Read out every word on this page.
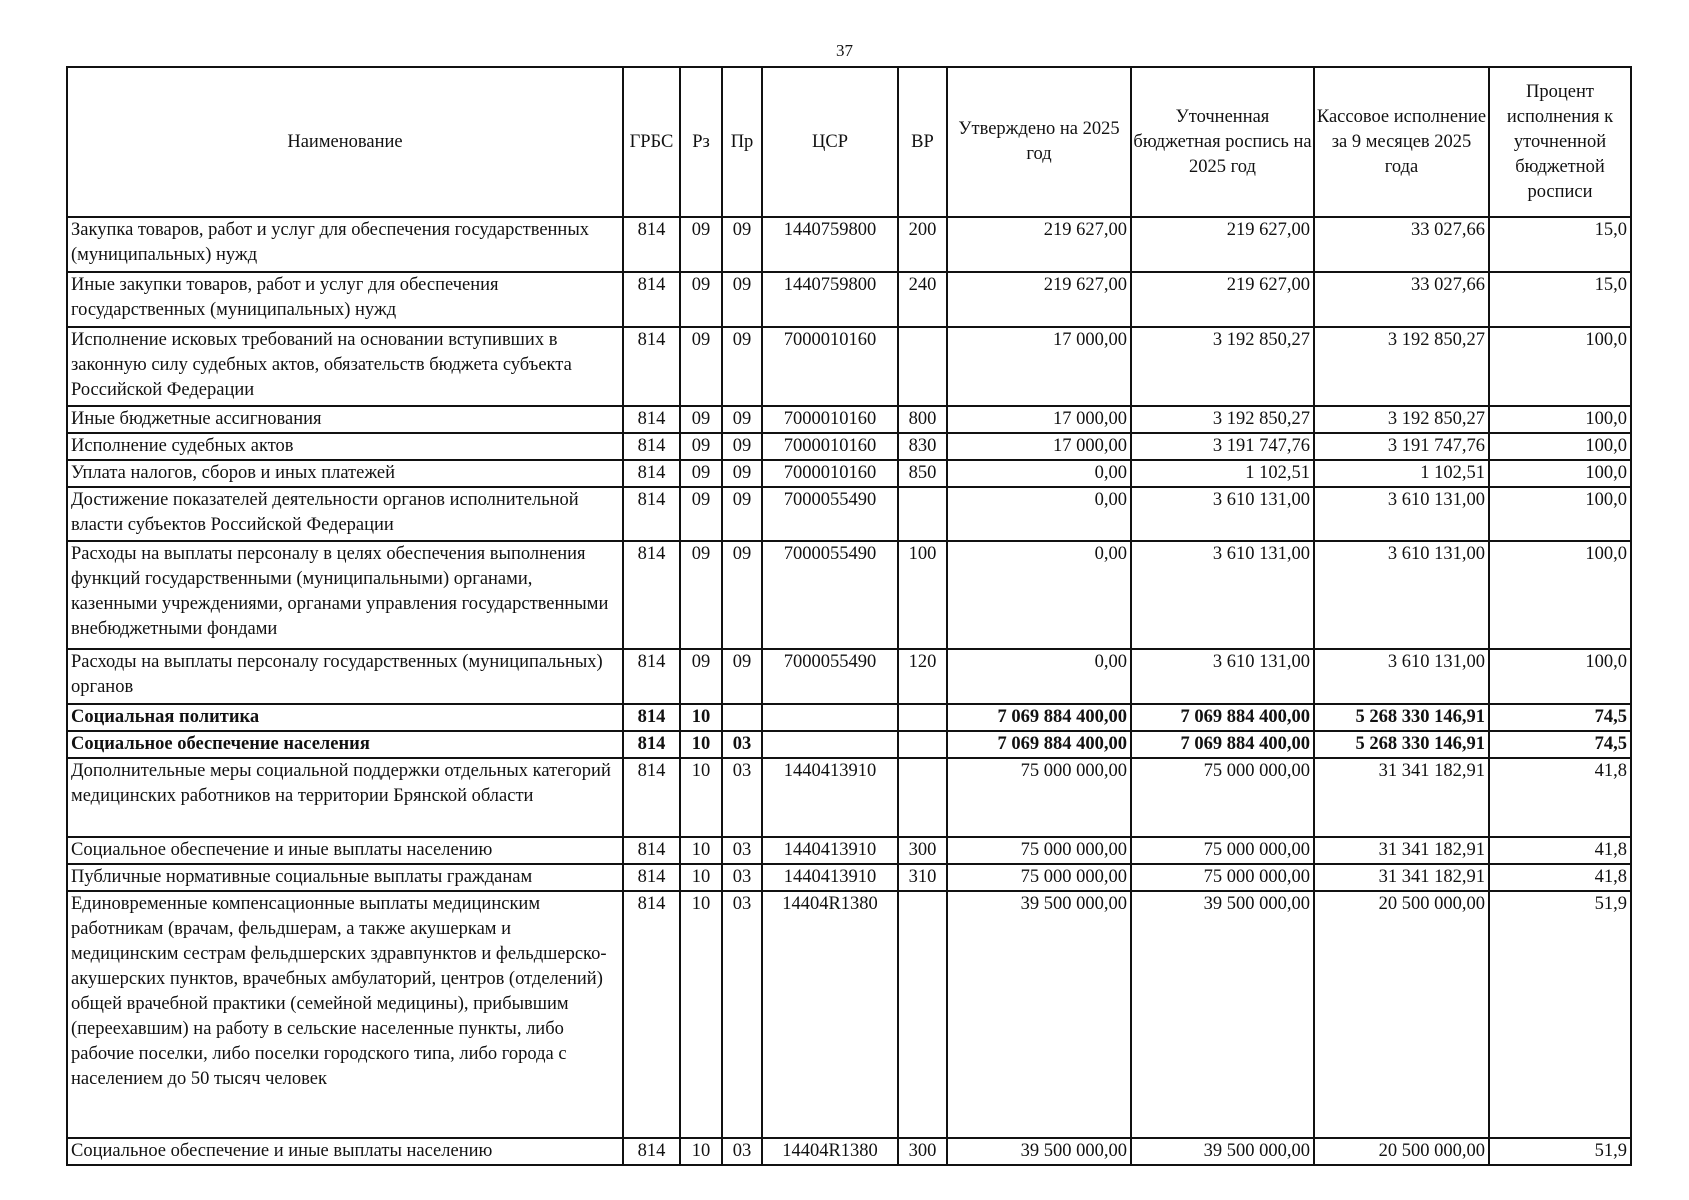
37
Наименование	ГРБС	Рз	Пр	ЦСР	ВР	Утверждено на 2025 год	Уточненная бюджетная роспись на 2025 год	Кассовое исполнение за 9 месяцев 2025 года	Процент исполнения к уточненной бюджетной росписи
Закупка товаров, работ и услуг для обеспечения государственных (муниципальных) нужд	814	09	09	1440759800	200	219 627,00	219 627,00	33 027,66	15,0
Иные закупки товаров, работ и услуг для обеспечения государственных (муниципальных) нужд	814	09	09	1440759800	240	219 627,00	219 627,00	33 027,66	15,0
Исполнение исковых требований на основании вступивших в законную силу судебных актов, обязательств бюджета субъекта Российской Федерации	814	09	09	7000010160		17 000,00	3 192 850,27	3 192 850,27	100,0
Иные бюджетные ассигнования	814	09	09	7000010160	800	17 000,00	3 192 850,27	3 192 850,27	100,0
Исполнение судебных актов	814	09	09	7000010160	830	17 000,00	3 191 747,76	3 191 747,76	100,0
Уплата налогов, сборов и иных платежей	814	09	09	7000010160	850	0,00	1 102,51	1 102,51	100,0
Достижение показателей деятельности органов исполнительной власти субъектов Российской Федерации	814	09	09	7000055490		0,00	3 610 131,00	3 610 131,00	100,0
Расходы на выплаты персоналу в целях обеспечения выполнения функций государственными (муниципальными) органами, казенными учреждениями, органами управления государственными внебюджетными фондами	814	09	09	7000055490	100	0,00	3 610 131,00	3 610 131,00	100,0
Расходы на выплаты персоналу государственных (муниципальных) органов	814	09	09	7000055490	120	0,00	3 610 131,00	3 610 131,00	100,0
Социальная политика	814	10				7 069 884 400,00	7 069 884 400,00	5 268 330 146,91	74,5
Социальное обеспечение населения	814	10	03			7 069 884 400,00	7 069 884 400,00	5 268 330 146,91	74,5
Дополнительные меры социальной поддержки отдельных категорий медицинских работников на территории Брянской области	814	10	03	1440413910		75 000 000,00	75 000 000,00	31 341 182,91	41,8
Социальное обеспечение и иные выплаты населению	814	10	03	1440413910	300	75 000 000,00	75 000 000,00	31 341 182,91	41,8
Публичные нормативные социальные выплаты гражданам	814	10	03	1440413910	310	75 000 000,00	75 000 000,00	31 341 182,91	41,8
Единовременные компенсационные выплаты медицинским работникам (врачам, фельдшерам, а также акушеркам и медицинским сестрам фельдшерских здравпунктов и фельдшерско-акушерских пунктов, врачебных амбулаторий, центров (отделений) общей врачебной практики (семейной медицины), прибывшим (переехавшим) на работу в сельские населенные пункты, либо рабочие поселки, либо поселки городского типа, либо города с населением до 50 тысяч человек	814	10	03	14404R1380		39 500 000,00	39 500 000,00	20 500 000,00	51,9
Социальное обеспечение и иные выплаты населению	814	10	03	14404R1380	300	39 500 000,00	39 500 000,00	20 500 000,00	51,9
